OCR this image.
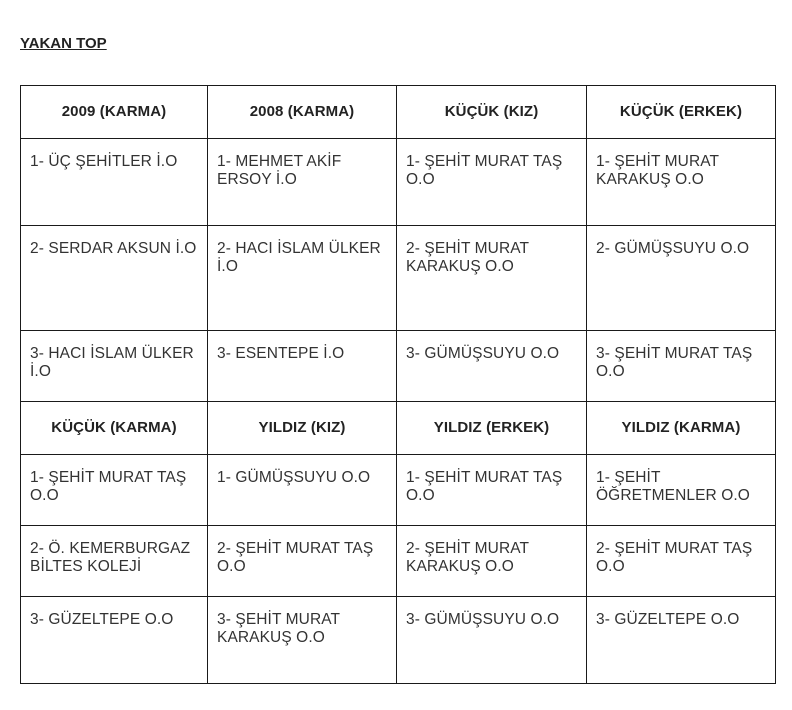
YAKAN TOP
2009 (KARMA)	2008 (KARMA)	KÜÇÜK (KIZ)	KÜÇÜK (ERKEK)
1- ÜÇ ŞEHİTLER İ.O	1- MEHMET AKİF ERSOY İ.O	1- ŞEHİT MURAT TAŞ O.O	1- ŞEHİT MURAT KARAKUŞ O.O
2- SERDAR AKSUN İ.O	2- HACI İSLAM ÜLKER İ.O	2- ŞEHİT MURAT KARAKUŞ O.O	2- GÜMÜŞSUYU O.O
3- HACI İSLAM ÜLKER İ.O	3- ESENTEPE İ.O	3- GÜMÜŞSUYU O.O	3- ŞEHİT MURAT TAŞ O.O
KÜÇÜK (KARMA)	YILDIZ (KIZ)	YILDIZ (ERKEK)	YILDIZ (KARMA)
1- ŞEHİT MURAT TAŞ O.O	1- GÜMÜŞSUYU O.O	1- ŞEHİT MURAT TAŞ O.O	1- ŞEHİT ÖĞRETMENLER O.O
2- Ö. KEMERBURGAZ BİLTES KOLEJİ	2- ŞEHİT MURAT TAŞ O.O	2- ŞEHİT MURAT KARAKUŞ O.O	2- ŞEHİT MURAT TAŞ O.O
3- GÜZELTEPE O.O	3- ŞEHİT MURAT KARAKUŞ O.O	3- GÜMÜŞSUYU O.O	3- GÜZELTEPE O.O
